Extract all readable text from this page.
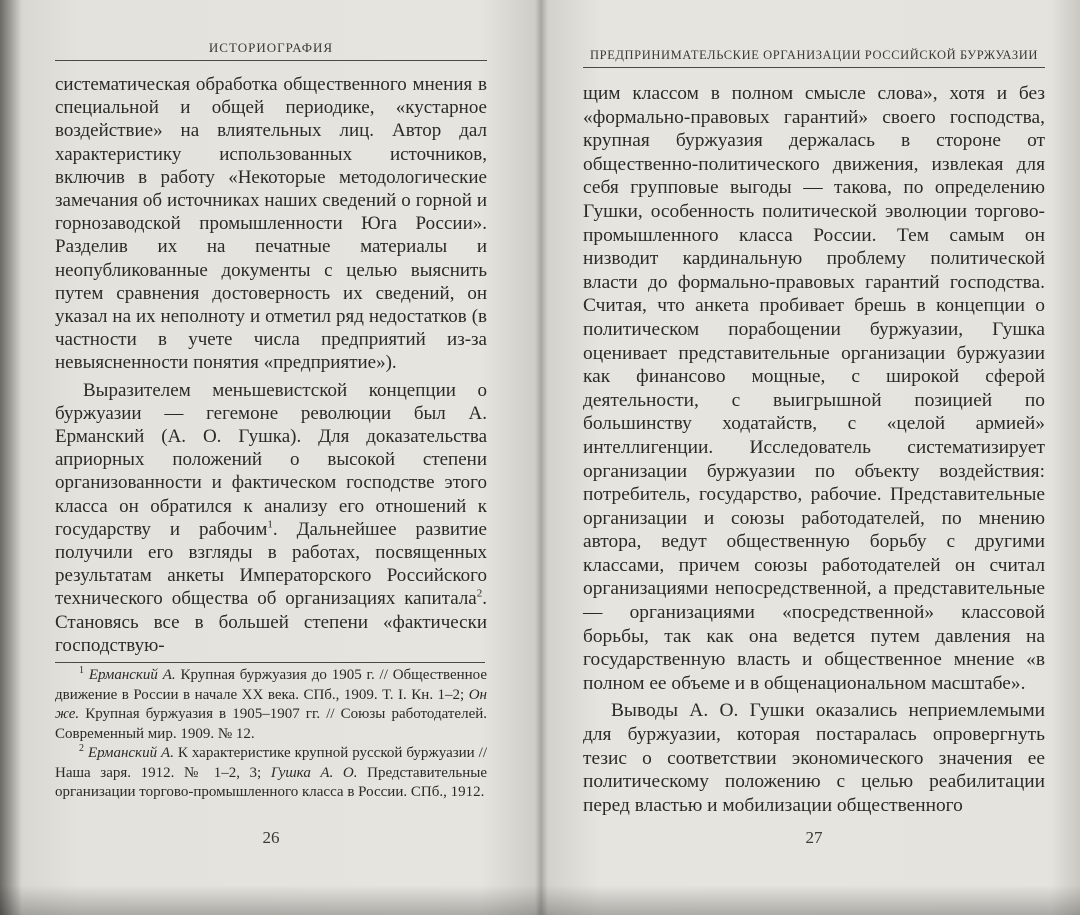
ИСТОРИОГРАФИЯ

систематическая обработка общественного мнения в специальной и общей периодике, «кустарное воздействие» на влиятельных лиц. Автор дал характеристику использованных источников, включив в работу «Некоторые методологические замечания об источниках наших сведений о горной и горнозаводской промышленности Юга России». Разделив их на печатные материалы и неопубликованные документы с целью выяснить путем сравнения достоверность их сведений, он указал на их неполноту и отметил ряд недостатков (в частности в учете числа предприятий из-за невыясненности понятия «предприятие»).

Выразителем меньшевистской концепции о буржуазии — гегемоне революции был А. Ерманский (А. О. Гушка). Для доказательства априорных положений о высокой степени организованности и фактическом господстве этого класса он обратился к анализу его отношений к государству и рабочим$^1$. Дальнейшее развитие получили его взгляды в работах, посвященных результатам анкеты Императорского Российского технического общества об организациях капитала$^2$. Становясь все в большей степени «фактически господствую-

$^1$ Ерманский А. Крупная буржуазия до 1905 г. // Общественное движение в России в начале XX века. СПб., 1909. Т. I. Кн. 1–2; Он же. Крупная буржуазия в 1905–1907 гг. // Союзы работодателей. Современный мир. 1909. № 12.

$^2$ Ерманский А. К характеристике крупной русской буржуазии // Наша заря. 1912. № 1–2, 3; Гушка А. О. Представительные организации торгово-промышленного класса в России. СПб., 1912.

26
ПРЕДПРИНИМАТЕЛЬСКИЕ ОРГАНИЗАЦИИ РОССИЙСКОЙ БУРЖУАЗИИ

щим классом в полном смысле слова», хотя и без «формально-правовых гарантий» своего господства, крупная буржуазия держалась в стороне от общественно-политического движения, извлекая для себя групповые выгоды — такова, по определению Гушки, особенность политической эволюции торгово-промышленного класса России. Тем самым он низводит кардинальную проблему политической власти до формально-правовых гарантий господства. Считая, что анкета пробивает брешь в концепции о политическом порабощении буржуазии, Гушка оценивает представительные организации буржуазии как финансово мощные, с широкой сферой деятельности, с выигрышной позицией по большинству ходатайств, с «целой армией» интеллигенции. Исследователь систематизирует организации буржуазии по объекту воздействия: потребитель, государство, рабочие. Представительные организации и союзы работодателей, по мнению автора, ведут общественную борьбу с другими классами, причем союзы работодателей он считал организациями непосредственной, а представительные — организациями «посредственной» классовой борьбы, так как она ведется путем давления на государственную власть и общественное мнение «в полном ее объеме и в общенациональном масштабе».

Выводы А. О. Гушки оказались неприемлемыми для буржуазии, которая постаралась опровергнуть тезис о соответствии экономического значения ее политическому положению с целью реабилитации перед властью и мобилизации общественного

27
